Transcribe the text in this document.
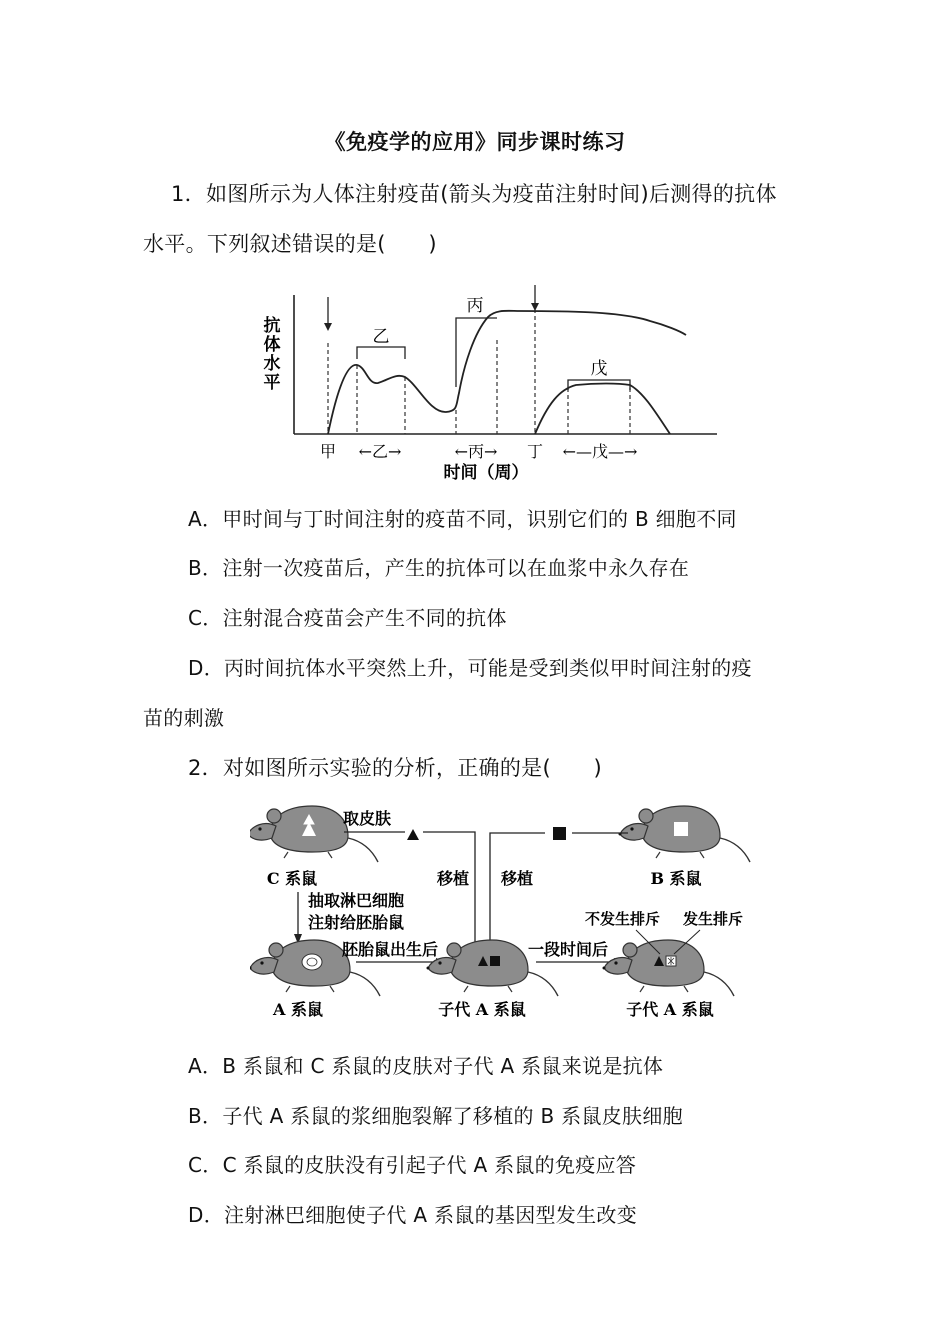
《免疫学的应用》同步课时练习
1．如图所示为人体注射疫苗(箭头为疫苗注射时间)后测得的抗体
水平。下列叙述错误的是(　　)
抗
体
水
平
乙
丙
戊
甲 ←乙→	←丙→ 丁 ←—戊—→
时间（周）
A．甲时间与丁时间注射的疫苗不同，识别它们的 B 细胞不同
B．注射一次疫苗后，产生的抗体可以在血浆中永久存在
C．注射混合疫苗会产生不同的抗体
D．丙时间抗体水平突然上升，可能是受到类似甲时间注射的疫
苗的刺激
2．对如图所示实验的分析，正确的是(　　)
C 系鼠	B 系鼠
取皮肤
移植 移植
抽取淋巴细胞
注射给胚胎鼠
A 系鼠
胚胎鼠出生后
子代 A 系鼠
一段时间后
子代 A 系鼠
不发生排斥 发生排斥
A．B 系鼠和 C 系鼠的皮肤对子代 A 系鼠来说是抗体
B．子代 A 系鼠的浆细胞裂解了移植的 B 系鼠皮肤细胞
C．C 系鼠的皮肤没有引起子代 A 系鼠的免疫应答
D．注射淋巴细胞使子代 A 系鼠的基因型发生改变
